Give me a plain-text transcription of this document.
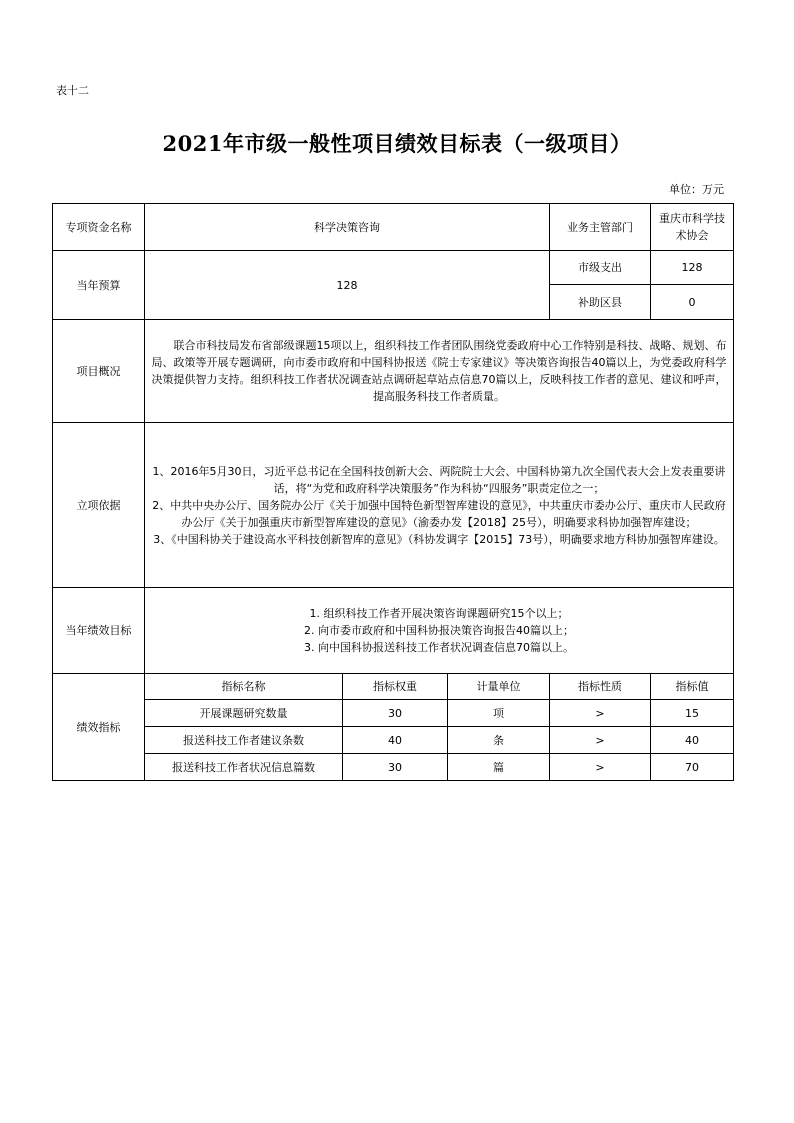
表十二
2021年市级一般性项目绩效目标表（一级项目）
单位：万元
专项资金名称	科学决策咨询			业务主管部门	重庆市科学技术协会
当年预算	128			市级支出	128
				补助区县	0
项目概况	联合市科技局发布省部级课题15项以上，组织科技工作者团队围绕党委政府中心工作特别是科技、战略、规划、布局、政策等开展专题调研，向市委市政府和中国科协报送《院士专家建议》等决策咨询报告40篇以上，为党委政府科学决策提供智力支持。组织科技工作者状况调查站点调研起草站点信息70篇以上，反映科技工作者的意见、建议和呼声，提高服务科技工作者质量。				

立项依据	1、2016年5月30日，习近平总书记在全国科技创新大会、两院院士大会、中国科协第九次全国代表大会上发表重要讲话，将“为党和政府科学决策服务”作为科协“四服务”职责定位之一；

2、中共中央办公厅、国务院办公厅《关于加强中国特色新型智库建设的意见》，中共重庆市委办公厅、重庆市人民政府办公厅《关于加强重庆市新型智库建设的意见》（渝委办发【2018】25号），明确要求科协加强智库建设；

3、《中国科协关于建设高水平科技创新智库的意见》（科协发调字【2015】73号），明确要求地方科协加强智库建设。				

当年绩效目标	1. 组织科技工作者开展决策咨询课题研究15个以上；

2. 向市委市政府和中国科协报决策咨询报告40篇以上；

3. 向中国科协报送科技工作者状况调查信息70篇以上。				

绩效指标	指标名称	指标权重	计量单位	指标性质	指标值
	开展课题研究数量	30	项	>	15
	报送科技工作者建议条数	40	条	>	40
	报送科技工作者状况信息篇数	30	篇	>	70
